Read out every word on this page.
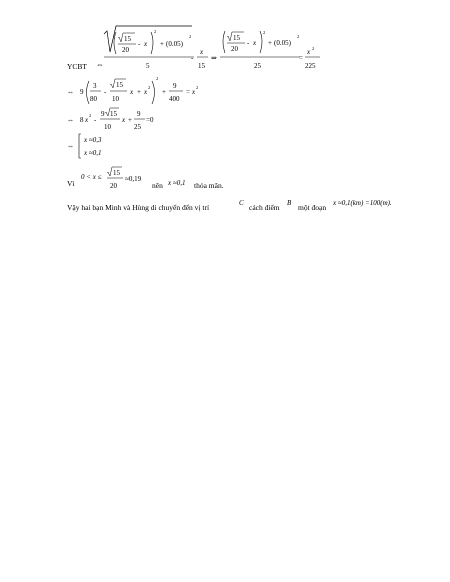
YCBT ⇔
15
20
- x
2
+ (0.05)
2
5
-
x
15
⇒
15
20
- x
2
+ (0.05)
2
25
=
x 2
225
⇔ 9
3
80
-
15
10
x + x
2
2
+
9
400
= x
2
⇔ 8 x
2
-
9 15
10
x +
9
25
=0
⇔
x ≈0,3
x ≈0,1
Vì
0 < x ≤ 15
20
≈0,19
nên x ≈0,1 thỏa mãn.
Vậy hai bạn Minh và Hùng di chuyển đến vị trí	C cách điểm B một đoạn x ≈0,1(km) =100(m).
